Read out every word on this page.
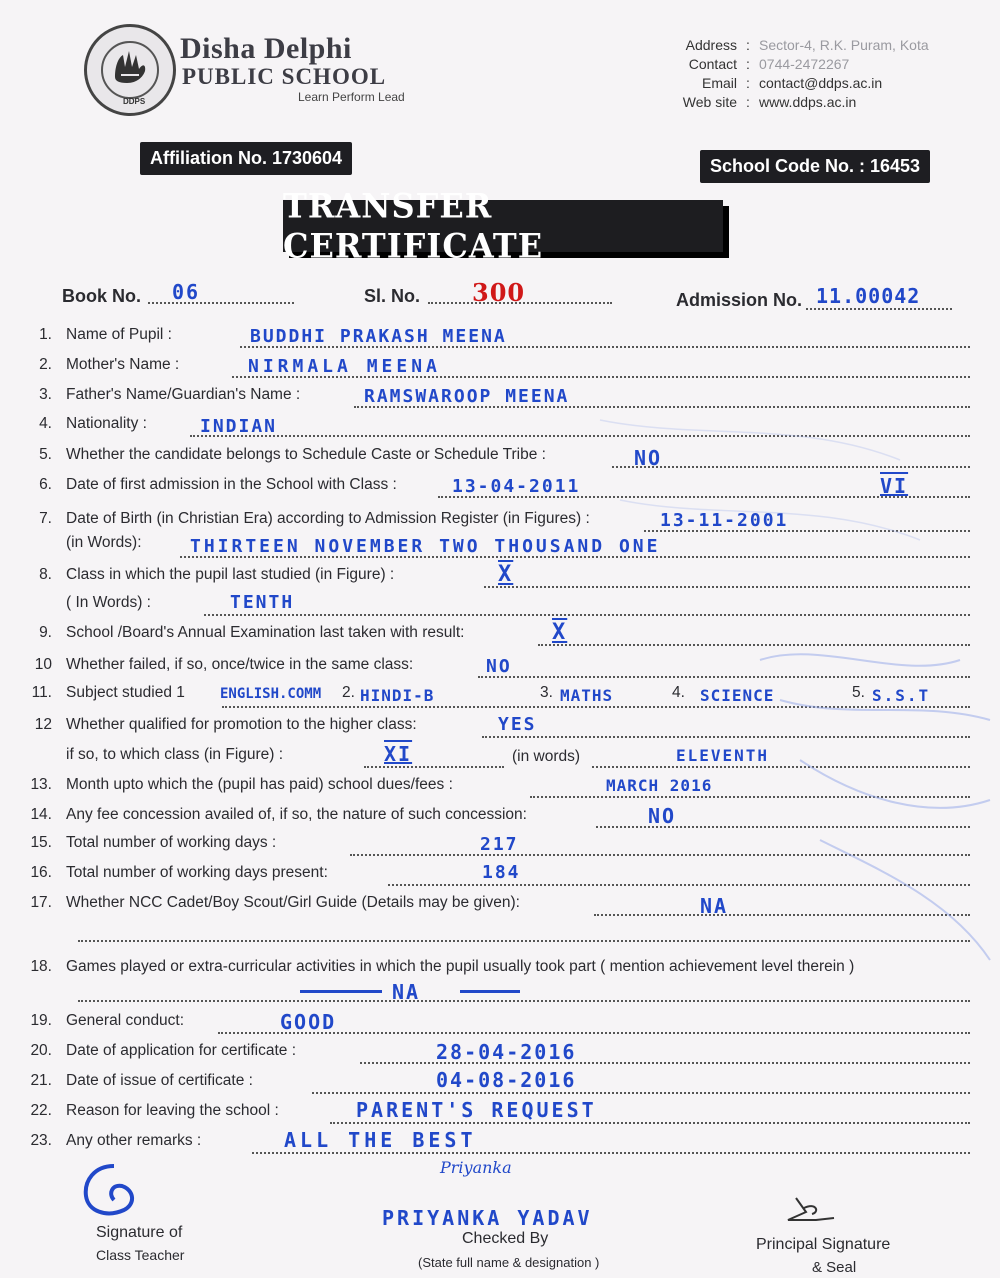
DDPS
Disha Delphi
PUBLIC SCHOOL
Learn Perform Lead
Address : Sector-4, R.K. Puram, Kota
Contact : 0744-2472267
Email : contact@ddps.ac.in
Web site : www.ddps.ac.in
Affiliation No. 1730604	School Code No. : 16453
TRANSFER CERTIFICATE
Book No. 06	Sl. No. 300	Admission No. 11.00042
1. Name of Pupil :	BUDDHI PRAKASH MEENA
2. Mother's Name :	NIRMALA MEENA
3. Father's Name/Guardian's Name :	RAMSWAROOP MEENA
4. Nationality :	INDIAN
5. Whether the candidate belongs to Schedule Caste or Schedule Tribe :	NO
6. Date of first admission in the School with Class :	13-04-2011	VI
7. Date of Birth (in Christian Era) according to Admission Register (in Figures) :	13-11-2001
(in Words):	THIRTEEN NOVEMBER TWO THOUSAND ONE
8. Class in which the pupil last studied (in Figure) :	X
( In Words) :	TENTH
9. School /Board's Annual Examination last taken with result:	X
10 Whether failed, if so, once/twice in the same class:	NO
11. Subject studied 1	ENGLISH.COMM 2. HINDI-B	3. MATHS	4. SCIENCE	5. S.S.T
12 Whether qualified for promotion to the higher class:	YES
if so, to which class (in Figure) :	XI	(in words)	ELEVENTH
13. Month upto which the (pupil has paid) school dues/fees :	MARCH 2016
14. Any fee concession availed of, if so, the nature of such concession:	NO
15. Total number of working days :	217
16. Total number of working days present:	184
17. Whether NCC Cadet/Boy Scout/Girl Guide (Details may be given):	NA
18. Games played or extra-curricular activities in which the pupil usually took part ( mention achievement level therein )
NA
19. General conduct:	GOOD
20. Date of application for certificate :	28-04-2016
21. Date of issue of certificate :	04-08-2016
22. Reason for leaving the school :	PARENT'S REQUEST
23. Any other remarks :	ALL THE BEST
Signature of
Class Teacher
Priyanka
PRIYANKA YADAV
Checked By
(State full name & designation )
Principal Signature
& Seal
